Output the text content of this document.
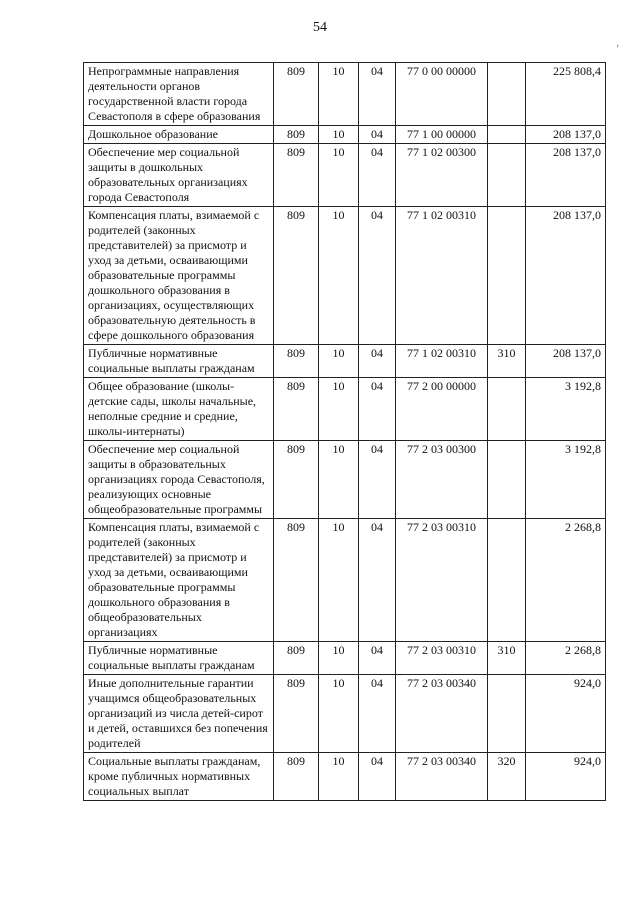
54
’
Непрограммные направления деятельности органов государственной власти города Севастополя в сфере образования	809	10	04	77 0 00 00000		225 808,4
Дошкольное образование	809	10	04	77 1 00 00000		208 137,0
Обеспечение мер социальной защиты в дошкольных образовательных организациях города Севастополя	809	10	04	77 1 02 00300		208 137,0
Компенсация платы, взимаемой с родителей (законных представителей) за присмотр и уход за детьми, осваивающими образовательные программы дошкольного образования в организациях, осуществляющих образовательную деятельность в сфере дошкольного образования	809	10	04	77 1 02 00310		208 137,0
Публичные нормативные социальные выплаты гражданам	809	10	04	77 1 02 00310	310	208 137,0
Общее образование (школы-детские сады, школы начальные, неполные средние и средние, школы-интернаты)	809	10	04	77 2 00 00000		3 192,8
Обеспечение мер социальной защиты в образовательных организациях города Севастополя, реализующих основные общеобразовательные программы	809	10	04	77 2 03 00300		3 192,8
Компенсация платы, взимаемой с родителей (законных представителей) за присмотр и уход за детьми, осваивающими образовательные программы дошкольного образования в общеобразовательных организациях	809	10	04	77 2 03 00310		2 268,8
Публичные нормативные социальные выплаты гражданам	809	10	04	77 2 03 00310	310	2 268,8
Иные дополнительные гарантии учащимся общеобразовательных организаций из числа детей-сирот и детей, оставшихся без попечения родителей	809	10	04	77 2 03 00340		924,0
Социальные выплаты гражданам, кроме публичных нормативных социальных выплат	809	10	04	77 2 03 00340	320	924,0
